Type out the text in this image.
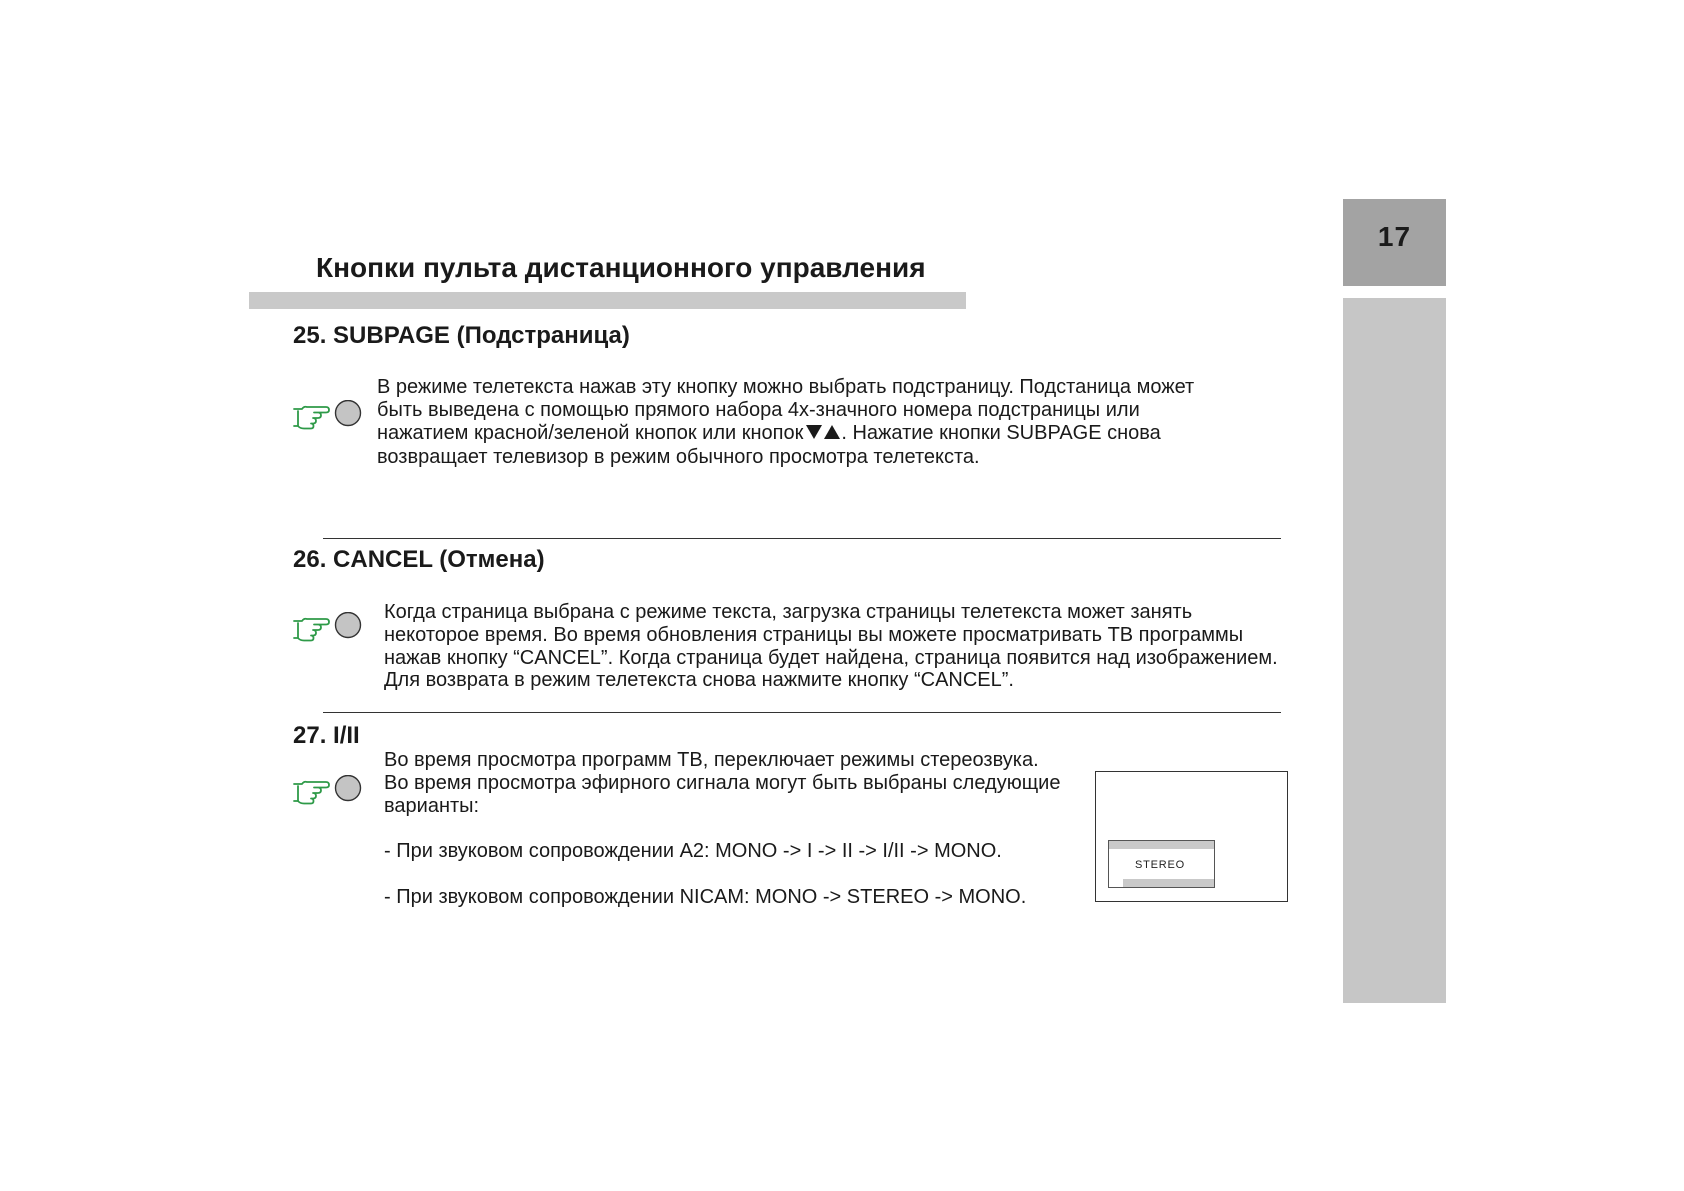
17
Кнопки пульта дистанционного управления
25. SUBPAGE (Подстраница)
В режиме телетекста нажав эту кнопку можно выбрать подстраницу. Подстаница может
быть выведена с помощью прямого набора 4х-значного номера подстраницы или
нажатием красной/зеленой кнопок или кнопок . Нажатие кнопки SUBPAGE снова
возвращает телевизор в режим обычного просмотра телетекста.
26. CANCEL (Отмена)
Когда страница выбрана с режиме текста, загрузка страницы телетекста может занять
некоторое время. Во время обновления страницы вы можете просматривать ТВ программы
нажав кнопку “CANCEL”. Когда страница будет найдена, страница появится над изображением.
Для возврата в режим телетекста снова нажмите кнопку “CANCEL”.
27. I/II
Во время просмотра программ ТВ, переключает режимы стереозвука.
Во время просмотра эфирного сигнала могут быть выбраны следующие
варианты:
- При звуковом сопровождении А2: MONO -> I -> II -> I/II -> MONO.
- При звуковом сопровождении NICAM: MONO -> STEREO -> MONO.
STEREO
